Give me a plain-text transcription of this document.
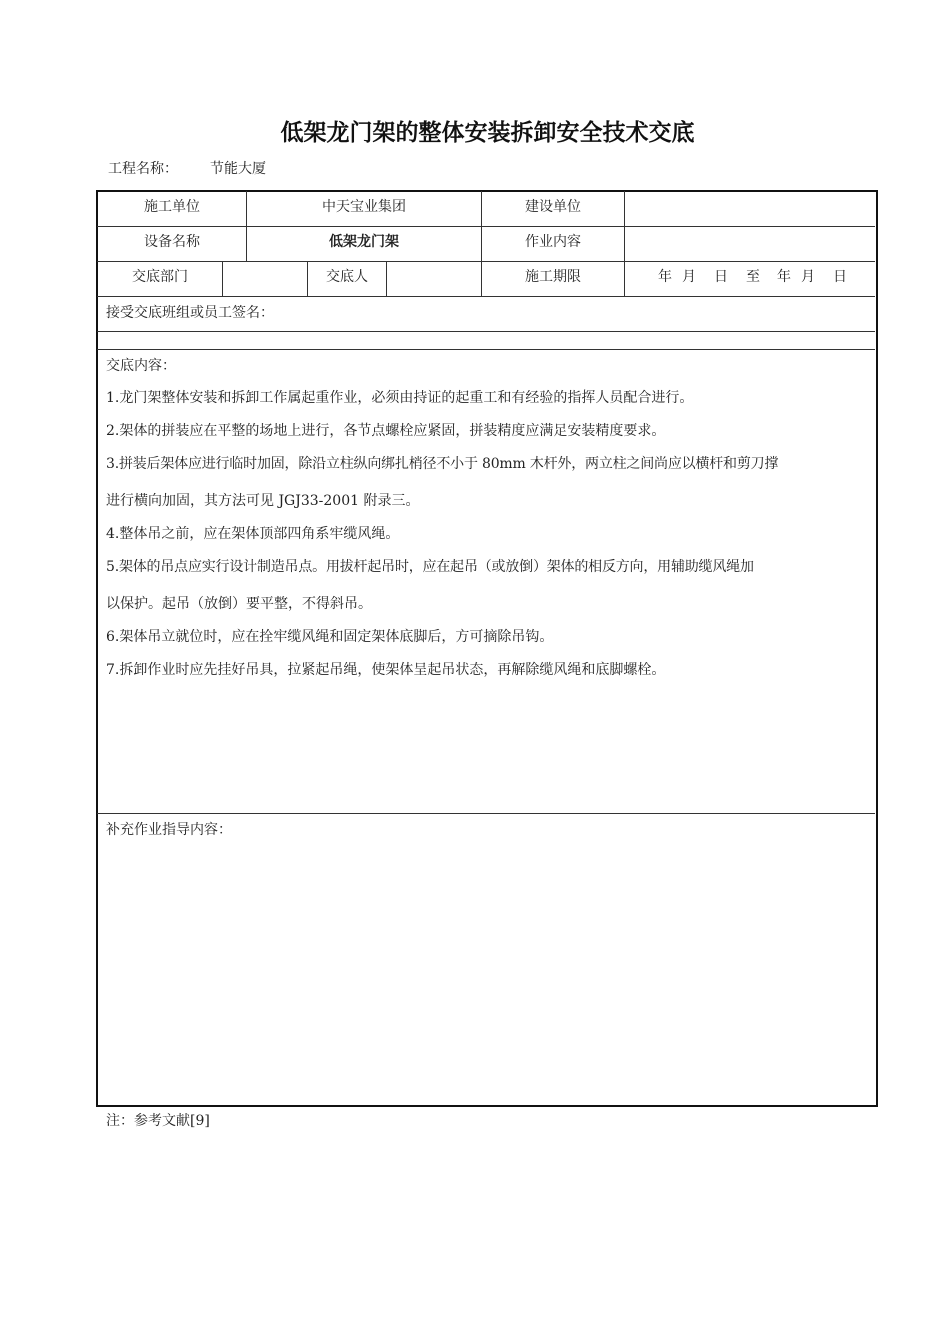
低架龙门架的整体安装拆卸安全技术交底
工程名称： 节能大厦
施工单位	中天宝业集团	建设单位
设备名称	低架龙门架	作业内容
交底部门	交底人	施工期限	年 月 日 至 年 月 日
接受交底班组或员工签名：
交底内容：
1.龙门架整体安装和拆卸工作属起重作业，必须由持证的起重工和有经验的指挥人员配合进行。
2.架体的拼装应在平整的场地上进行，各节点螺栓应紧固，拼装精度应满足安装精度要求。
3.拼装后架体应进行临时加固，除沿立柱纵向绑扎梢径不小于 80mm 木杆外，两立柱之间尚应以横杆和剪刀撑
进行横向加固，其方法可见 JGJ33-2001 附录三。
4.整体吊之前，应在架体顶部四角系牢缆风绳。
5.架体的吊点应实行设计制造吊点。用拔杆起吊时，应在起吊（或放倒）架体的相反方向，用辅助缆风绳加
以保护。起吊（放倒）要平整，不得斜吊。
6.架体吊立就位时，应在拴牢缆风绳和固定架体底脚后，方可摘除吊钩。
7.拆卸作业时应先挂好吊具，拉紧起吊绳，使架体呈起吊状态，再解除缆风绳和底脚螺栓。
补充作业指导内容：
注：参考文献[9]
